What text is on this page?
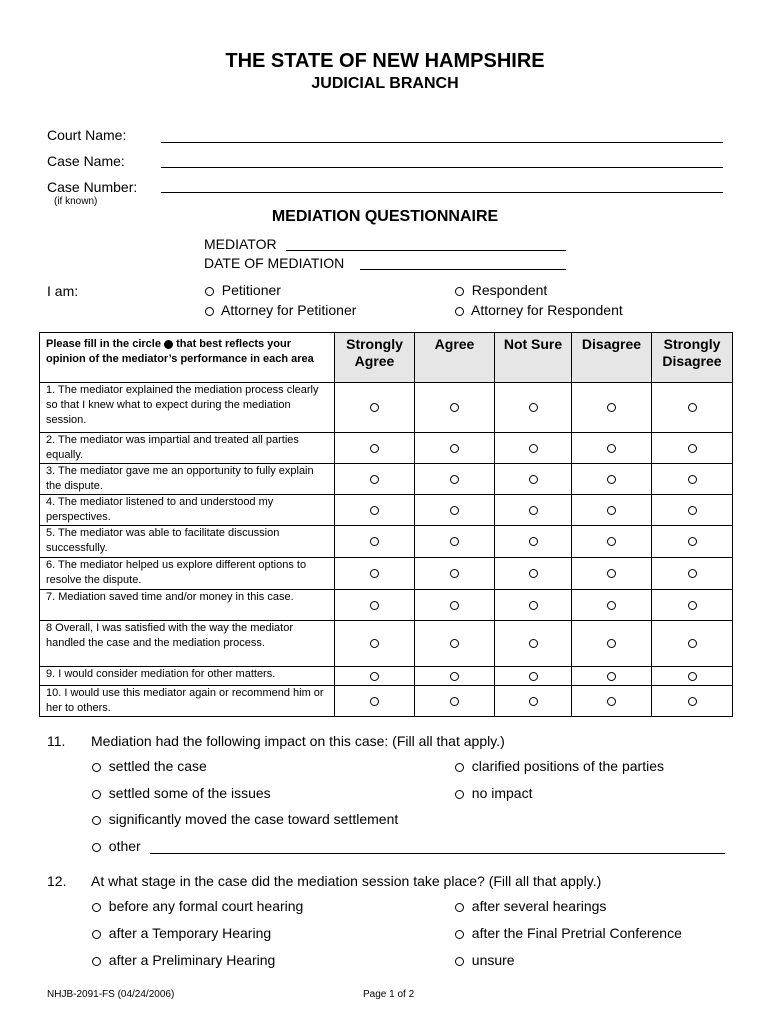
THE STATE OF NEW HAMPSHIRE
JUDICIAL BRANCH
Court Name:
Case Name:
Case Number:
(if known)
MEDIATION QUESTIONNAIRE
MEDIATOR
DATE OF MEDIATION
I am:	Petitioner
Attorney for Petitioner
Respondent
Attorney for Respondent
Please fill in the circle that best reflects your opinion of the mediator’s performance in each area	Strongly Agree	Agree	Not Sure	Disagree	Strongly Disagree
1. The mediator explained the mediation process clearly so that I knew what to expect during the mediation session.					
2. The mediator was impartial and treated all parties equally.					
3. The mediator gave me an opportunity to fully explain the dispute.					
4. The mediator listened to and understood my perspectives.					
5. The mediator was able to facilitate discussion successfully.					
6. The mediator helped us explore different options to resolve the dispute.					
7. Mediation saved time and/or money in this case.					
8 Overall, I was satisfied with the way the mediator handled the case and the mediation process.					
9. I would consider mediation for other matters.					
10. I would use this mediator again or recommend him or her to others.					
11. Mediation had the following impact on this case: (Fill all that apply.)
settled the case	clarified positions of the parties
settled some of the issues	no impact
significantly moved the case toward settlement
other
12. At what stage in the case did the mediation session take place? (Fill all that apply.)
before any formal court hearing	after several hearings
after a Temporary Hearing	after the Final Pretrial Conference
after a Preliminary Hearing	unsure
NHJB-2091-FS (04/24/2006)	Page 1 of 2
